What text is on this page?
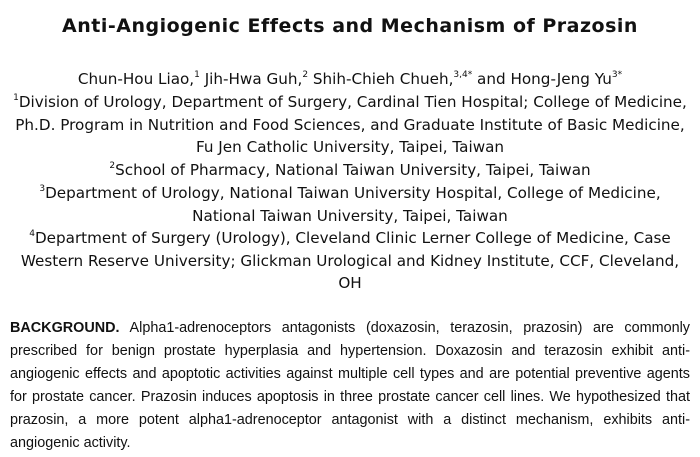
Anti-Angiogenic Effects and Mechanism of Prazosin

Chun-Hou Liao,$^1$ Jih-Hwa Guh,$^2$ Shih-Chieh Chueh,$^{3,4*}$ and Hong-Jeng $Yu^{3*}$

$^1$Division of Urology, Department of Surgery, Cardinal Tien Hospital; College of Medicine, Ph.D. Program in Nutrition and Food Sciences, and Graduate Institute of Basic Medicine, Fu Jen Catholic University, Taipei, Taiwan

$^2$School of Pharmacy, National Taiwan University, Taipei, Taiwan

$^3$Department of Urology, National Taiwan University Hospital, College of Medicine, National Taiwan University, Taipei, Taiwan

$^4$Department of Surgery (Urology), Cleveland Clinic Lerner College of Medicine, Case Western Reserve University; Glickman Urological and Kidney Institute, CCF, Cleveland, OH

BACKGROUND. Alpha1-adrenoceptors antagonists (doxazosin, terazosin, prazosin) are commonly prescribed for benign prostate hyperplasia and hypertension. Doxazosin and terazosin exhibit anti-angiogenic effects and apoptotic activities against multiple cell types and are potential preventive agents for prostate cancer. Prazosin induces apoptosis in three prostate cancer cell lines. We hypothesized that prazosin, a more potent alpha1-adrenoceptor antagonist with a distinct mechanism, exhibits anti-angiogenic activity.
